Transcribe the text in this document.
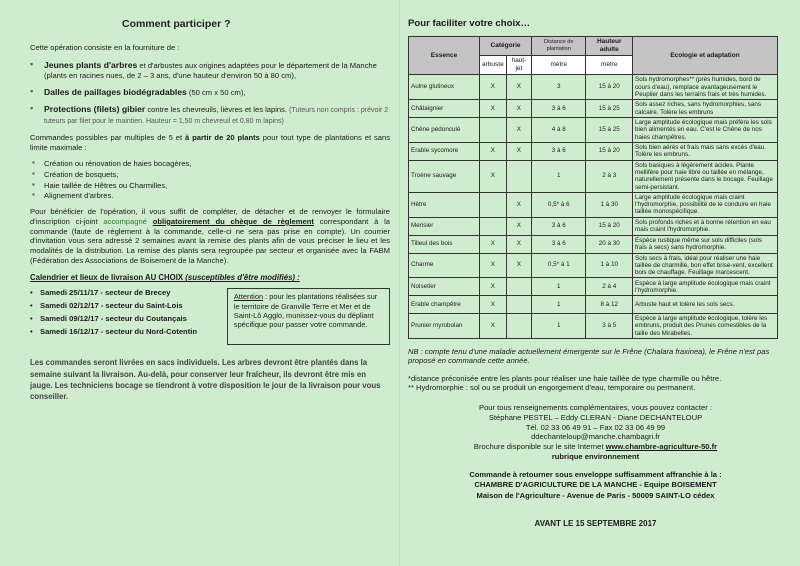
Comment participer ?

Cette opération consiste en la fourniture de :

▪ Jeunes plants d'arbres et d'arbustes aux origines adaptées pour le département de la Manche (plants en racines nues, de 2 – 3 ans, d'une hauteur d'environ 50 à 80 cm),
▪ Dalles de paillages biodégradables (50 cm x 50 cm),
▪ Protections (filets) gibier contre les chevreuils, lièvres et les lapins. (Tuteurs non compris : prévoir 2 tuteurs par filet pour le maintien. Hauteur = 1,50 m chevreuil et 0,80 m lapins)

Commandes possibles par multiples de 5 et à partir de 20 plants pour tout type de plantations et sans limite maximale :

▪ Création ou rénovation de haies bocagères,
▪ Création de bosquets,
▪ Haie taillée de Hêtres ou Charmilles,
▪ Alignement d'arbres.

Pour bénéficier de l'opération, il vous suffit de compléter, de détacher et de renvoyer le formulaire d'inscription ci-joint accompagné obligatoirement du chèque de règlement correspondant à la commande (faute de règlement à la commande, celle-ci ne sera pas prise en compte). Un courrier d'invitation vous sera adressé 2 semaines avant la remise des plants afin de vous préciser le lieu et les modalités de la distribution. La remise des plants sera regroupée par secteur et organisée avec la FABM (Fédération des Associations de Boisement de la Manche).

Calendrier et lieux de livraison AU CHOIX (susceptibles d'être modifiés) :
• Samedi 25/11/17 - secteur de Brecey
• Samedi 02/12/17 - secteur du Saint-Lois
• Samedi 09/12/17 - secteur du Coutançais
• Samedi 16/12/17 - secteur du Nord-Cotentin
Attention : pour les plantations réalisées sur le territoire de Granville Terre et Mer et de Saint-Lô Agglo, munissez-vous du dépliant spécifique pour passer votre commande.
Les commandes seront livrées en sacs individuels. Les arbres devront être plantés dans la semaine suivant la livraison. Au-delà, pour conserver leur fraîcheur, ils devront être mis en jauge. Les techniciens bocage se tiendront à votre disposition le jour de la livraison pour vous conseiller.
Pour faciliter votre choix…
Essence	Catégorie		Distance de plantation	Hauteur adulte	Ecologie et adaptation
	arbuste	haut-jet	mètre	mètre	
Aulne glutineux	X	X	3	15 à 20	Sols hydromorphes** (près humides, bord de cours d'eau), remplace avantageusement le Peuplier dans les terrains frais et très humides.
Châtaignier	X	X	3 à 6	15 à 25	Sols assez riches, sans hydromorphies, sans calcaire. Tolère les embruns
Chêne pédonculé		X	4 à 8	15 à 25	Large amplitude écologique mais préfère les sols bien alimentés en eau. C'est le Chêne de nos haies champêtres.
Erable sycomore	X	X	3 à 6	15 à 20	Sols bien aérés et frais mais sans excès d'eau. Tolère les embruns.
Troène sauvage	X		1	2 à 3	Sols basiques à légèrement acides. Plante mellifère pour haie libre ou taillée en mélange, naturellement présente dans le bocage. Feuillage semi-persistant.
Hêtre		X	0,5* à 6	1 à 30	Large amplitude écologique mais craint l'hydromorphie, possibilité de le conduire en haie taillée monospécifique.
Merisier		X	3 à 6	15 à 20	Sols profonds riches et à bonne rétention en eau mais craint l'hydromorphie.
Tilleul des bois	X	X	3 à 6	20 à 30	Espèce rustique même sur sols difficiles (sols frais à secs) sans hydromorphie.
Charme	X	X	0,5* à 1	1 à 10	Sols secs à frais, idéal pour réaliser une haie taillée de charmille, bon effet brise-vent, excellent bois de chauffage. Feuillage marcescent.
Noisetier	X		1	2 à 4	Espèce à large amplitude écologique mais craint l'hydromorphie.
Erable champêtre	X		1	8 à 12	Arbuste haut et tolère les sols secs.
Prunier myrobolan	X		1	3 à 5	Espèce à large amplitude écologique, tolère les embruns, produit des Prunes comestibles de la taille des Mirabelles.
NB : compte tenu d'une maladie actuellement émergente sur le Frêne (Chalara fraxinea), le Frêne n'est pas proposé en commande cette année.
*distance préconisée entre les plants pour réaliser une haie taillée de type charmille ou hêtre.
** Hydromorphie : sol ou se produit un engorgement d'eau, temporaire ou permanent.
Pour tous renseignements complémentaires, vous pouvez contacter :
Stéphane PESTEL – Eddy CLERAN - Diane DECHANTELOUP
Tél. 02 33 06 49 91 – Fax 02 33 06 49 99
ddechanteloup@manche.chambagri.fr
Brochure disponible sur le site Internet www.chambre-agriculture-50.fr
rubrique environnement
Commande à retourner sous enveloppe suffisamment affranchie à la :
CHAMBRE D'AGRICULTURE DE LA MANCHE - Equipe BOISEMENT
Maison de l'Agriculture - Avenue de Paris - 50009 SAINT-LO cédex
AVANT LE 15 SEPTEMBRE 2017
